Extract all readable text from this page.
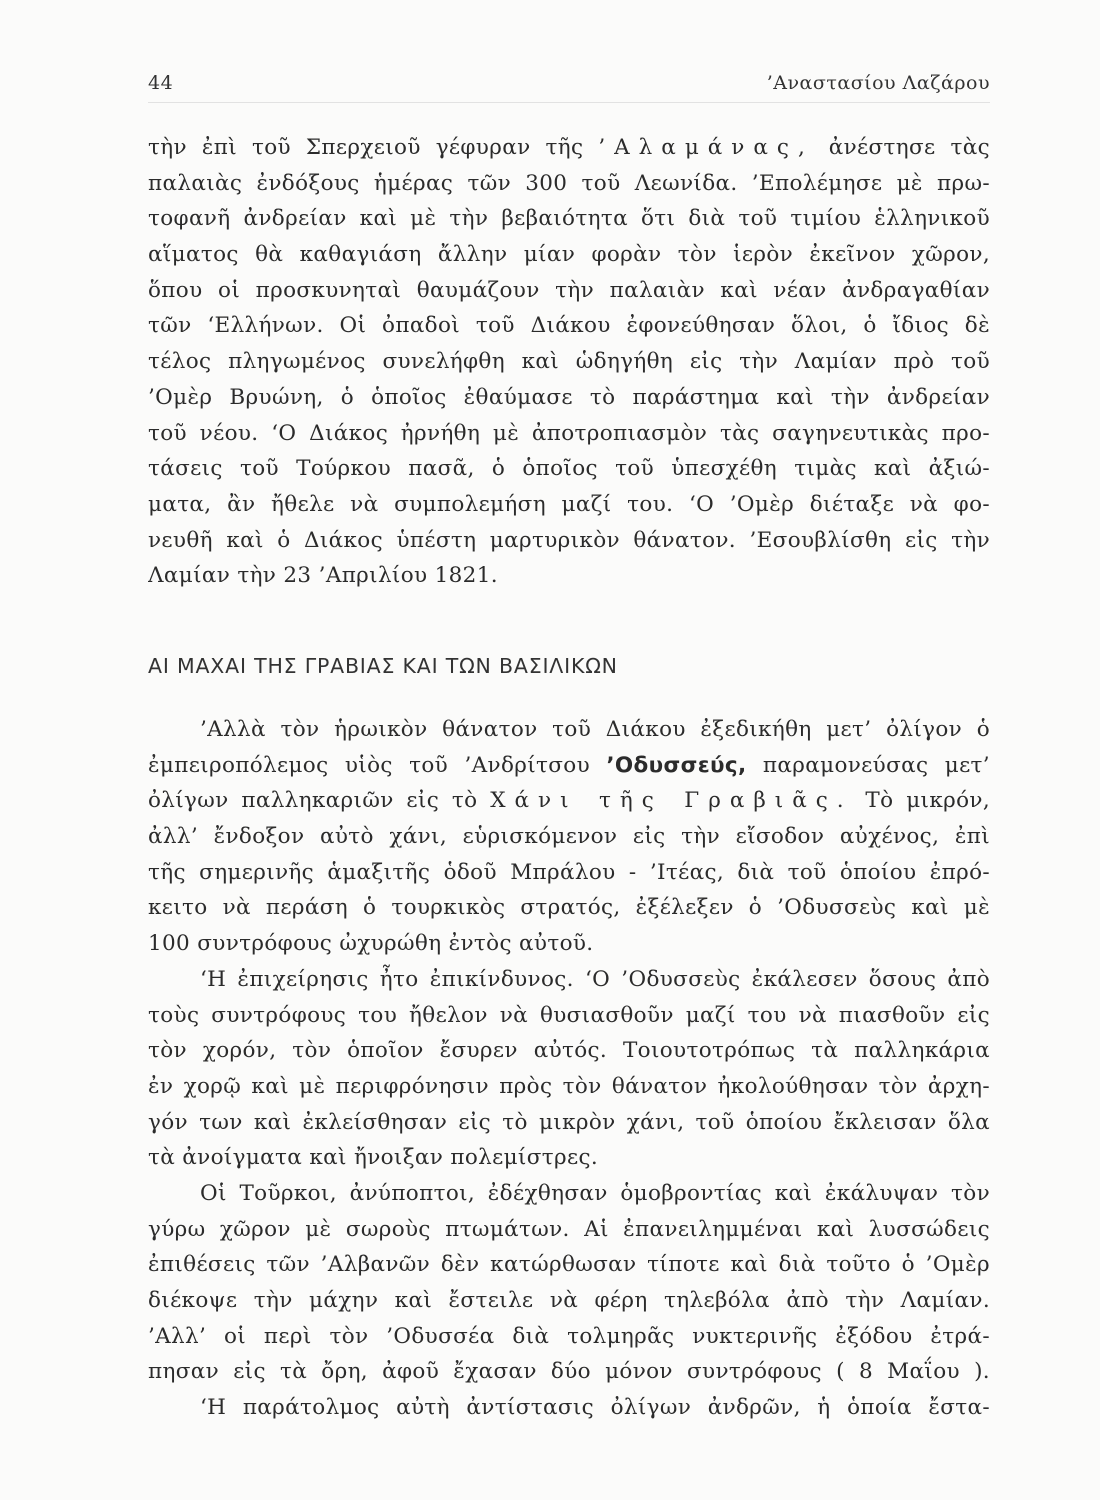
44	’Αναστασίου Λαζάρου
τὴν ἐπὶ τοῦ Σπερχειοῦ γέφυραν τῆς ’Αλαμάνας, ἀνέστησε τὰς
παλαιὰς ἐνδόξους ἡμέρας τῶν 300 τοῦ Λεωνίδα. ’Επολέμησε μὲ πρω-
τοφανῆ ἀνδρείαν καὶ μὲ τὴν βεβαιότητα ὅτι διὰ τοῦ τιμίου ἑλληνικοῦ
αἵματος θὰ καθαγιάση ἄλλην μίαν φορὰν τὸν ἱερὸν ἐκεῖνον χῶρον,
ὅπου οἱ προσκυνηταὶ θαυμάζουν τὴν παλαιὰν καὶ νέαν ἀνδραγαθίαν
τῶν ‘Ελλήνων. Οἱ ὀπαδοὶ τοῦ Διάκου ἐφονεύθησαν ὅλοι, ὁ ἴδιος δὲ
τέλος πληγωμένος συνελήφθη καὶ ὡδηγήθη εἰς τὴν Λαμίαν πρὸ τοῦ
’Ομὲρ Βρυώνη, ὁ ὁποῖος ἐθαύμασε τὸ παράστημα καὶ τὴν ἀνδρείαν
τοῦ νέου. ‘Ο Διάκος ἠρνήθη μὲ ἀποτροπιασμὸν τὰς σαγηνευτικὰς προ-
τάσεις τοῦ Τούρκου πασᾶ, ὁ ὁποῖος τοῦ ὑπεσχέθη τιμὰς καὶ ἀξιώ-
ματα, ἂν ἤθελε νὰ συμπολεμήση μαζί του. ‘Ο ’Ομὲρ διέταξε νὰ φο-
νευθῆ καὶ ὁ Διάκος ὑπέστη μαρτυρικὸν θάνατον. ’Εσουβλίσθη εἰς τὴν
Λαμίαν τὴν 23 ’Απριλίου 1821.
ΑΙ ΜΑΧΑΙ ΤΗΣ ΓΡΑΒΙΑΣ ΚΑΙ ΤΩΝ ΒΑΣΙΛΙΚΩΝ
’Αλλὰ τὸν ἡρωικὸν θάνατον τοῦ Διάκου ἐξεδικήθη μετ’ ὀλίγον ὁ
ἐμπειροπόλεμος υἱὸς τοῦ ’Ανδρίτσου ’Οδυσσεύς, παραμονεύσας μετ’
ὀλίγων παλληκαριῶν εἰς τὸ Χάνι τῆς Γραβιᾶς. Τὸ μικρόν,
ἀλλ’ ἔνδοξον αὐτὸ χάνι, εὑρισκόμενον εἰς τὴν εἴσοδον αὐχένος, ἐπὶ
τῆς σημερινῆς ἁμαξιτῆς ὁδοῦ Μπράλου - ’Ιτέας, διὰ τοῦ ὁποίου ἐπρό-
κειτο νὰ περάση ὁ τουρκικὸς στρατός, ἐξέλεξεν ὁ ’Οδυσσεὺς καὶ μὲ
100 συντρόφους ὠχυρώθη ἐντὸς αὐτοῦ.
‘Η ἐπιχείρησις ἦτο ἐπικίνδυνος. ‘Ο ’Οδυσσεὺς ἐκάλεσεν ὅσους ἀπὸ
τοὺς συντρόφους του ἤθελον νὰ θυσιασθοῦν μαζί του νὰ πιασθοῦν εἰς
τὸν χορόν, τὸν ὁποῖον ἔσυρεν αὐτός. Τοιουτοτρόπως τὰ παλληκάρια
ἐν χορῷ καὶ μὲ περιφρόνησιν πρὸς τὸν θάνατον ἠκολούθησαν τὸν ἀρχη-
γόν των καὶ ἐκλείσθησαν εἰς τὸ μικρὸν χάνι, τοῦ ὁποίου ἔκλεισαν ὅλα
τὰ ἀνοίγματα καὶ ἤνοιξαν πολεμίστρες.
Οἱ Τοῦρκοι, ἀνύποπτοι, ἐδέχθησαν ὁμοβροντίας καὶ ἐκάλυψαν τὸν
γύρω χῶρον μὲ σωροὺς πτωμάτων. Αἱ ἐπανειλημμέναι καὶ λυσσώδεις
ἐπιθέσεις τῶν ’Αλβανῶν δὲν κατώρθωσαν τίποτε καὶ διὰ τοῦτο ὁ ’Ομὲρ
διέκοψε τὴν μάχην καὶ ἔστειλε νὰ φέρη τηλεβόλα ἀπὸ τὴν Λαμίαν.
’Αλλ’ οἱ περὶ τὸν ’Οδυσσέα διὰ τολμηρᾶς νυκτερινῆς ἐξόδου ἐτρά-
πησαν εἰς τὰ ὄρη, ἀφοῦ ἔχασαν δύο μόνον συντρόφους ( 8 Μαΐου ).
‘Η παράτολμος αὐτὴ ἀντίστασις ὀλίγων ἀνδρῶν, ἡ ὁποία ἔστα-
